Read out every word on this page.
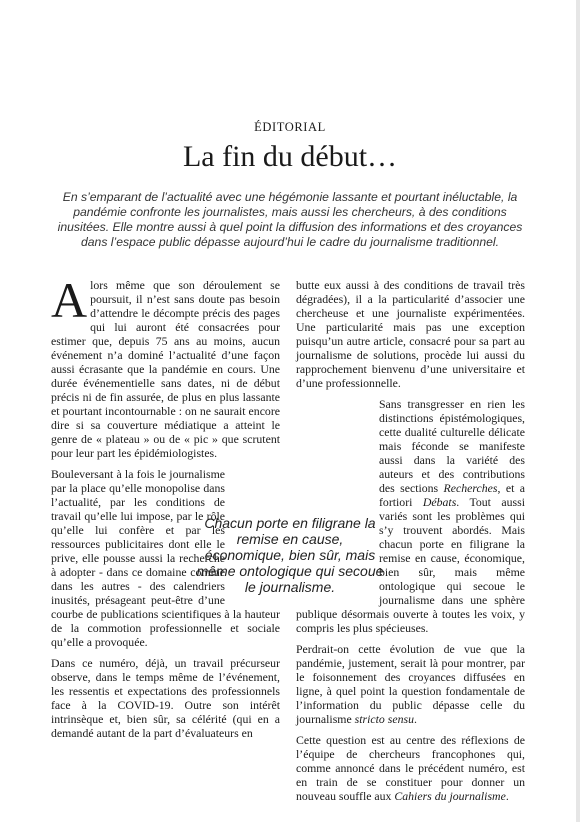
ÉDITORIAL
La fin du début…

En s’emparant de l’actualité avec une hégémonie lassante et pourtant inéluctable, la pandémie confronte les journalistes, mais aussi les chercheurs, à des conditions inusitées. Elle montre aussi à quel point la diffusion des informations et des croyances dans l’espace public dépasse aujourd’hui le cadre du journalisme traditionnel.

Alors même que son déroulement se poursuit, il n’est sans doute pas besoin d’attendre le décompte précis des pages qui lui auront été consacrées pour estimer que, depuis 75 ans au moins, aucun événement n’a dominé l’actualité d’une façon aussi écrasante que la pandémie en cours. Une durée événementielle sans dates, ni de début précis ni de fin assurée, de plus en plus lassante et pourtant incontournable : on ne saurait encore dire si sa couverture médiatique a atteint le genre de « plateau » ou de « pic » que scrutent pour leur part les épidémiologistes.

Bouleversant à la fois le journalisme par la place qu’elle monopolise dans l’actualité, par les conditions de travail qu’elle lui impose, par le rôle qu’elle lui confère et par les ressources publicitaires dont elle le prive, elle pousse aussi la recherche à adopter - dans ce domaine comme dans les autres - des calendriers inusités, présageant peut-être d’une courbe de publications scientifiques à la hauteur de la commotion professionnelle et sociale qu’elle a provoquée.

Dans ce numéro, déjà, un travail précurseur observe, dans le temps même de l’événement, les ressentis et expectations des professionnels face à la COVID-19. Outre son intérêt intrinsèque et, bien sûr, sa célérité (qui en a demandé autant de la part d’évaluateurs en

butte eux aussi à des conditions de travail très dégradées), il a la particularité d’associer une chercheuse et une journaliste expérimentées. Une particularité mais pas une exception puisqu’un autre article, consacré pour sa part au journalisme de solutions, procède lui aussi du rapprochement bienvenu d’une universitaire et d’une professionnelle.

Sans transgresser en rien les distinctions épistémologiques, cette dualité culturelle délicate mais féconde se manifeste aussi dans la variété des auteurs et des contributions des sections Recherches, et a fortiori Débats. Tout aussi variés sont les problèmes qui s’y trouvent abordés. Mais chacun porte en filigrane la remise en cause, économique, bien sûr, mais même ontologique qui secoue le journalisme dans une sphère publique désormais ouverte à toutes les voix, y compris les plus spécieuses.

Perdrait-on cette évolution de vue que la pandémie, justement, serait là pour montrer, par le foisonnement des croyances diffusées en ligne, à quel point la question fondamentale de l’information du public dépasse celle du journalisme stricto sensu.

Cette question est au centre des réflexions de l’équipe de chercheurs francophones qui, comme annoncé dans le précédent numéro, est en train de se constituer pour donner un nouveau souffle aux Cahiers du journalisme.

Chacun porte en filigrane la remise en cause, économique, bien sûr, mais même ontologique qui secoue le journalisme.
